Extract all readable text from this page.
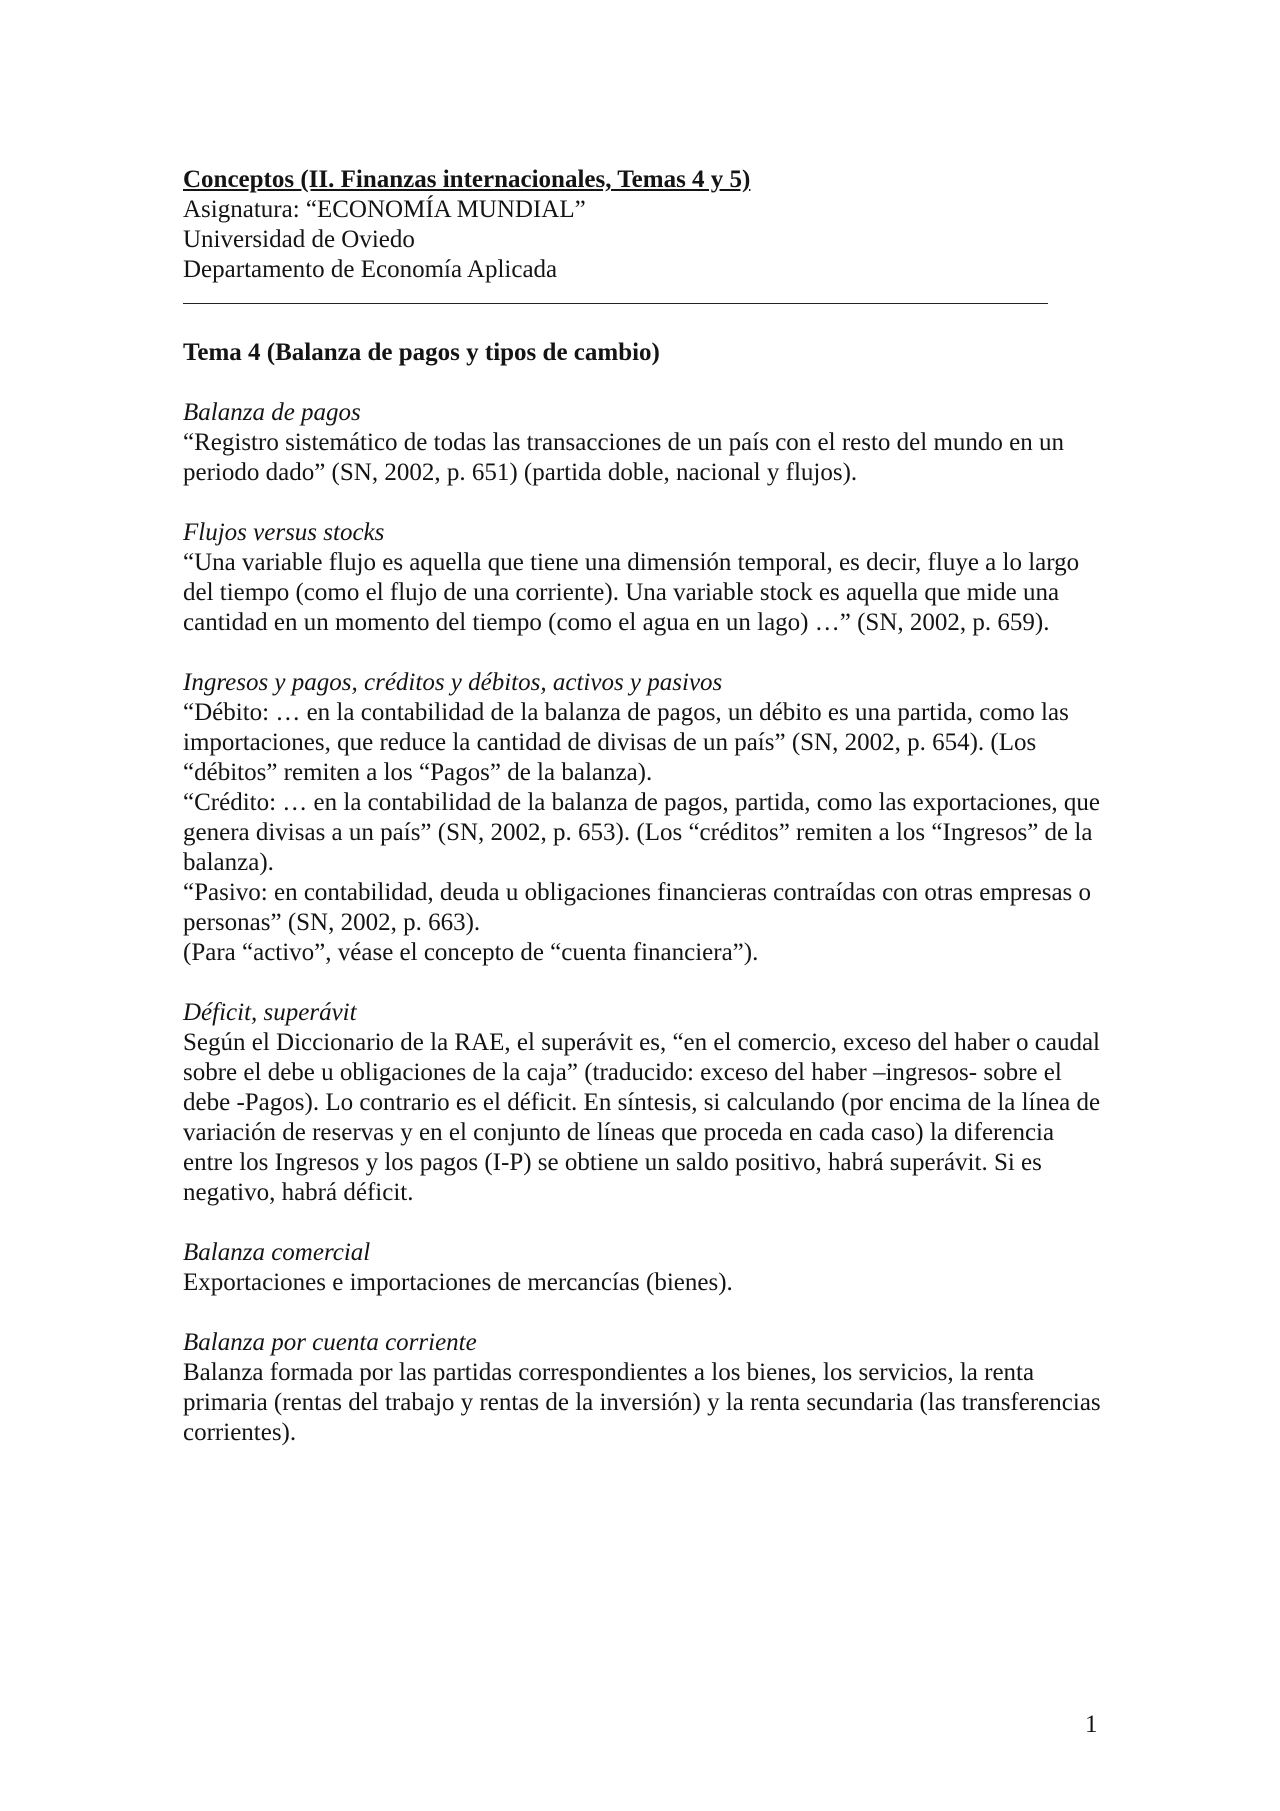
Conceptos (II. Finanzas internacionales, Temas 4 y 5)

Asignatura: “ECONOMÍA MUNDIAL”

Universidad de Oviedo

Departamento de Economía Aplicada

Tema 4 (Balanza de pagos y tipos de cambio)

Balanza de pagos

“Registro sistemático de todas las transacciones de un país con el resto del mundo en un periodo dado” (SN, 2002, p. 651) (partida doble, nacional y flujos).

Flujos versus stocks

“Una variable flujo es aquella que tiene una dimensión temporal, es decir, fluye a lo largo del tiempo (como el flujo de una corriente). Una variable stock es aquella que mide una cantidad en un momento del tiempo (como el agua en un lago) …” (SN, 2002, p. 659).

Ingresos y pagos, créditos y débitos, activos y pasivos

“Débito: … en la contabilidad de la balanza de pagos, un débito es una partida, como las importaciones, que reduce la cantidad de divisas de un país” (SN, 2002, p. 654). (Los “débitos” remiten a los “Pagos” de la balanza).

“Crédito: … en la contabilidad de la balanza de pagos, partida, como las exportaciones, que genera divisas a un país” (SN, 2002, p. 653). (Los “créditos” remiten a los “Ingresos” de la balanza).

“Pasivo: en contabilidad, deuda u obligaciones financieras contraídas con otras empresas o personas” (SN, 2002, p. 663).

(Para “activo”, véase el concepto de “cuenta financiera”).

Déficit, superávit

Según el Diccionario de la RAE, el superávit es, “en el comercio, exceso del haber o caudal sobre el debe u obligaciones de la caja” (traducido: exceso del haber –ingresos- sobre el debe -Pagos). Lo contrario es el déficit. En síntesis, si calculando (por encima de la línea de variación de reservas y en el conjunto de líneas que proceda en cada caso) la diferencia entre los Ingresos y los pagos (I-P) se obtiene un saldo positivo, habrá superávit. Si es negativo, habrá déficit.

Balanza comercial

Exportaciones e importaciones de mercancías (bienes).

Balanza por cuenta corriente

Balanza formada por las partidas correspondientes a los bienes, los servicios, la renta primaria (rentas del trabajo y rentas de la inversión) y la renta secundaria (las transferencias corrientes).

1
